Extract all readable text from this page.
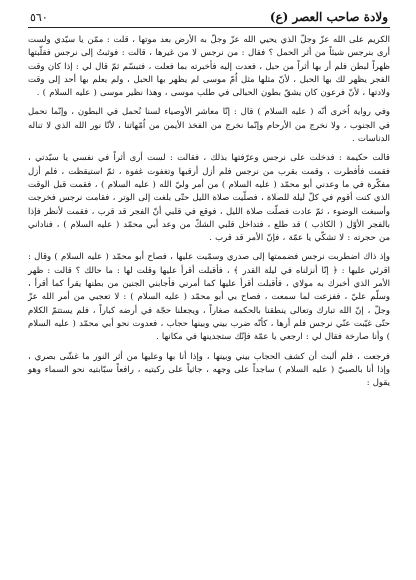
ولادة صاحب العصر (ع)
٥٦٠

الكريم على الله عزّ وجلّ الذي يحيي الله عزّ وجلّ به الأرض بعد موتها ، قلت : ممّن يا سيّدي ولست أرى بنرجس شيئاً من أثر الحمل ؟ فقال : من نرجس لا من غيرها ، قالت : فوثبتُ إلى نرجس فقلّبتها ظهراً لبطن فلم أر بها أثراً من حبل ، فعدت إليه فأخبرته بما فعلت ، فتبسّم ثمّ قال لي : إذا كان وقت الفجر يظهر لك بها الحبل ، لأنّ مثلها مثل اُمّ موسى لم يظهر بها الحبل ، ولم يعلم بها أحد إلى وقت ولادتها ، لأنّ فرعون كان يشقّ بطون الحبالى في طلب موسى ، وهذا نظير موسى ( عليه السلام ) .

وفي رواية اُخرى أنّه ( عليه السلام ) قال : إنّا معاشر الأوصياء لسنا نُحمل في البطون ، وإنّما نحمل في الجنوب ، ولا نخرج من الأرحام وإنّما نخرج من الفخذ الأيمن من اُمّهاتنا ، لأنّا نور الله الذي لا تناله الدناسات .

قالت حكيمة : فدخلت على نرجس وعرّفتها بذلك ، فقالت : لست أرى أثراً في نفسي يا سيّدتي ، فقمت فأفطرت ، وقمت بقرب من نرجس فلم أزل أرقبها وتغفوت غفوة ، ثمّ استيقظت ، فلم أزل مفكّرة في ما وعدني أبو محمّد ( عليه السلام ) من أمر وليّ الله ( عليه السلام ) ، فقمت قبل الوقت الذي كنت أقوم في كلّ ليلة للصلاة ، فصلّيت صلاة الليل حتّى بلغت إلى الوتر ، فقامت نرجس فخرجت وأسبغت الوضوء ، ثمّ عادت فصلّت صلاة الليل ، فوقع في قلبي أنّ الفجر قد قرب ، فقمت لأنظر فإذا بالفجر الأوّل ( الكاذب ) قد طلع ، فتداخل قلبي الشكّ من وعد أبي محمّد ( عليه السلام ) ، فناداني من حجرته : لا تشكّي يا عمّة ، فإنّ الأمر قد قرب .

وإذ ذاك اضطربت نرجس فضممتها إلى صدري وسمّيت عليها ، فصاح أبو محمّد ( عليه السلام ) وقال : اقرئي عليها : ﴿ إنّا أنزلناه في ليلة القدر ﴾ ، فأقبلت أقرأ عليها وقلت لها : ما حالك ؟ قالت : ظهر الأمر الذي أخبرك به مولاي ، فأقبلت أقرأ عليها كما أمرني فأجابني الجنين من بطنها يقرأ كما أقرأ ، وسلّم عليّ ، ففزعت لما سمعت ، فصاح بي أبو محمّد ( عليه السلام ) : لا تعجبي من أمر الله عزّ وجلّ ، إنّ الله تبارك وتعالى ينطقنا بالحكمة صغاراً ، ويجعلنا حجّة في أرضه كباراً ، فلم يستتمّ الكلام حتّى غيّبت عنّي نرجس فلم أرها ، كأنّه ضرب بيني وبينها حجاب ، فعدوت نحو أبي محمّد ( عليه السلام ) وأنا صارخة فقال لي : ارجعي يا عمّة فإنّك ستجدينها في مكانها .

فرجعت ، فلم ألبث أن كشف الحجاب بيني وبينها ، وإذا أنا بها وعليها من أثر النور ما غشّى بصري ، وإذا أنا بالصبيّ ( عليه السلام ) ساجداً على وجهه ، جاثياً على ركبتيه ، رافعاً سبّابتيه نحو السماء وهو يقول :
